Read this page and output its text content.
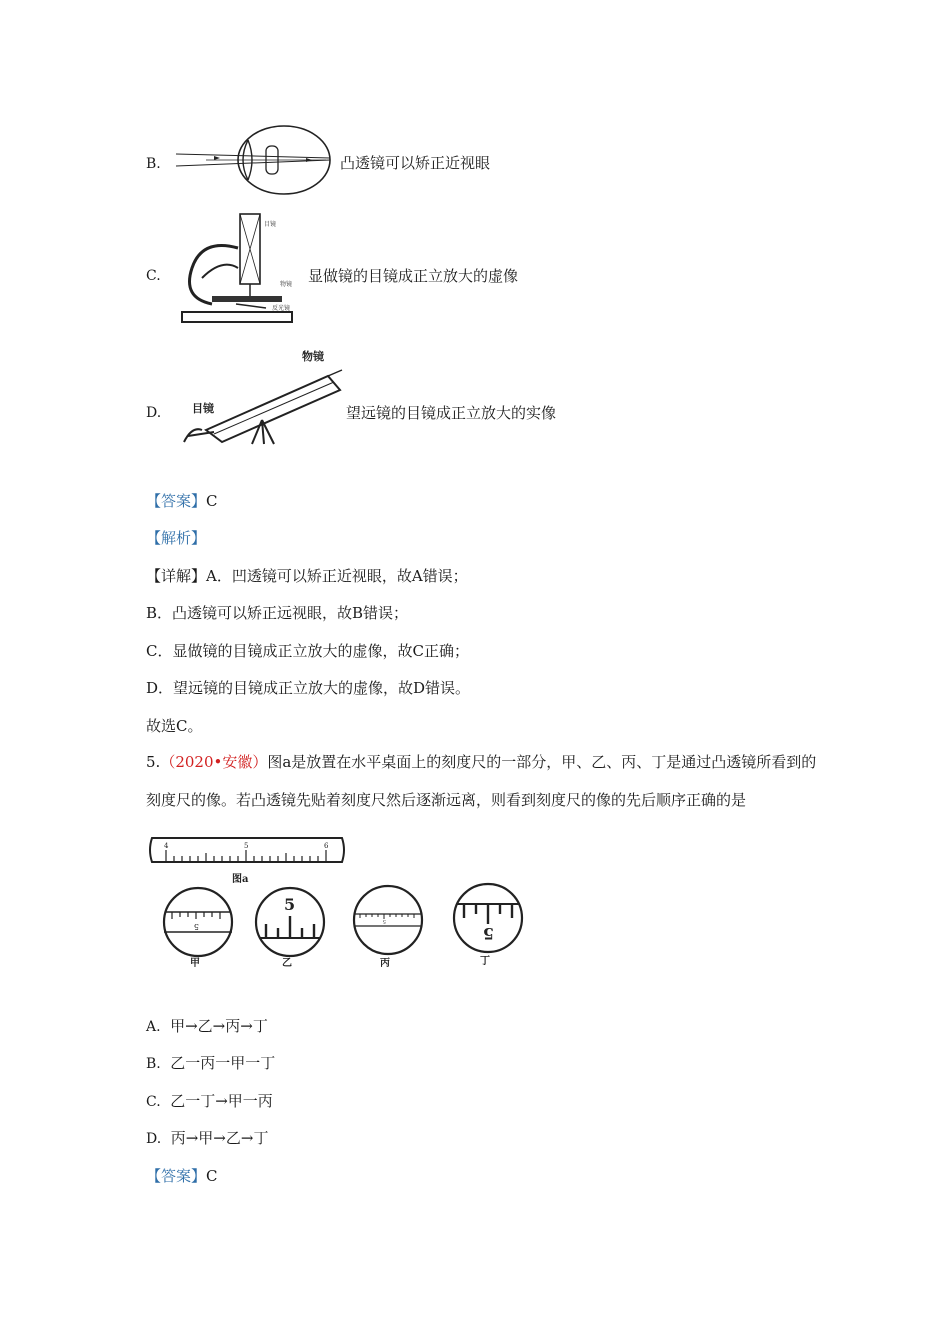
B.	凸透镜可以矫正近视眼
C.
目镜
物镜
反光镜
显做镜的目镜成正立放大的虚像
D.
物镜
目镜	望远镜的目镜成正立放大的实像
【答案】C
【解析】
【详解】A．凹透镜可以矫正近视眼，故A错误；
B．凸透镜可以矫正远视眼，故B错误；
C．显做镜的目镜成正立放大的虚像，故C正确；
D．望远镜的目镜成正立放大的虚像，故D错误。
故选C。
5.（2020•安徽）图a是放置在水平桌面上的刻度尺的一部分，甲、乙、丙、丁是通过凸透镜所看到的
刻度尺的像。若凸透镜先贴着刻度尺然后逐渐远离，则看到刻度尺的像的先后顺序正确的是
4	5	6
图a
5
甲
5
乙
5
丙
5
丁
A. 甲→乙→丙→丁
B. 乙一丙一甲一丁
C. 乙一丁→甲一丙
D. 丙→甲→乙→丁
【答案】C
